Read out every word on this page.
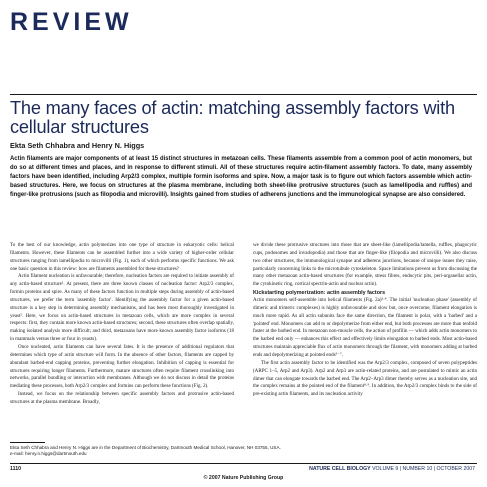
REVIEW
The many faces of actin: matching assembly factors with cellular structures
Ekta Seth Chhabra and Henry N. Higgs

Actin filaments are major components of at least 15 distinct structures in metazoan cells. These filaments assemble from a common pool of actin monomers, but do so at different times and places, and in response to different stimuli. All of these structures require actin-filament assembly factors. To date, many assembly factors have been identified, including Arp2/3 complex, multiple formin isoforms and spire. Now, a major task is to figure out which factors assemble which actin-based structures. Here, we focus on structures at the plasma membrane, including both sheet-like protrusive structures (such as lamellipodia and ruffles) and finger-like protrusions (such as filopodia and microvilli). Insights gained from studies of adherens junctions and the immunological synapse are also considered.

To the best of our knowledge, actin polymerizes into one type of structure in eukaryotic cells: helical filaments. However, these filaments can be assembled further into a wide variety of higher-order cellular structures ranging from lamellipodia to microvilli (Fig. 1), each of which performs specific functions. We ask one basic question in this review: how are filaments assembled for these structures?

Actin filament nucleation is unfavourable; therefore, nucleation factors are required to initiate assembly of any actin-based structure¹. At present, there are three known classes of nucleation factor: Arp2/3 complex, formin proteins and spire. As many of these factors function in multiple steps during assembly of actin-based structures, we prefer the term 'assembly factor'. Identifying the assembly factor for a given actin-based structure is a key step in determining assembly mechanisms, and has been most thoroughly investigated in yeast². Here, we focus on actin-based structures in metazoan cells, which are more complex in several respects: first, they contain more known actin-based structures; second, these structures often overlap spatially, making isolated analysis more difficult; and third, metazoans have more known assembly factor isoforms (18 in mammals versus three or four in yeasts).

Once nucleated, actin filaments can have several fates. It is the presence of additional regulators that determines which type of actin structure will form. In the absence of other factors, filaments are capped by abundant barbed-end capping proteins, preventing further elongation. Inhibition of capping is essential for structures requiring longer filaments. Furthermore, mature structures often require filament crosslinking into networks, parallel bundling or interaction with membranes. Although we do not discuss in detail the proteins mediating these processes, both Arp2/3 complex and formins can perform these functions (Fig. 2).

Instead, we focus on the relationship between specific assembly factors and protrusive actin-based structures at the plasma membrane. Broadly,

we divide these protrusive structures into those that are sheet-like (lamellipodia/lamella, ruffles, phagocytic cups, podosomes and invadopodia) and those that are finger-like (filopodia and microvilli). We also discuss two other structures, the immunological synapse and adherens junctions, because of unique issues they raise, particularly concerning links to the microtubule cytoskeleton. Space limitations prevent us from discussing the many other metazoan actin-based structures (for example, stress fibres, endocytic pits, peri-organellar actin, the cytokinetic ring, cortical spectrin-actin and nuclear actin).

Kickstarting polymerization: actin assembly factors

Actin monomers self-assemble into helical filaments (Fig. 2a)³·⁴. The initial 'nucleation phase' (assembly of dimeric and trimeric complexes) is highly unfavourable and slow but, once overcome, filament elongation is much more rapid. As all actin subunits face the same direction, the filament is polar, with a 'barbed' and a 'pointed' end. Monomers can add to or depolymerize from either end, but both processes are more than tenfold faster at the barbed end. In metazoan non-muscle cells, the action of profilin — which adds actin monomers to the barbed end only — enhances this effect and effectively limits elongation to barbed ends. Most actin-based structures maintain appreciable flux of actin monomers through the filament, with monomers adding at barbed ends and depolymerizing at pointed ends⁵⁻⁷.

The first actin assembly factor to be identified was the Arp2/3 complex, composed of seven polypeptides (ARPC 1–5, Arp2 and Arp3). Arp2 and Arp3 are actin-related proteins, and are postulated to mimic an actin dimer that can elongate towards the barbed end. The Arp2–Arp3 dimer thereby serves as a nucleation site, and the complex remains at the pointed end of the filament⁸·⁹. In addition, the Arp2/3 complex binds to the side of pre-existing actin filaments, and its nucleation activity

Ekta Seth Chhabra and Henry N. Higgs are in the Department of Biochemistry, Dartmouth Medical School, Hanover, NH 03755, USA.
e-mail: henry.n.higgs@dartmouth.edu
1110	NATURE CELL BIOLOGY VOLUME 9 | NUMBER 10 | OCTOBER 2007
© 2007 Nature Publishing Group
